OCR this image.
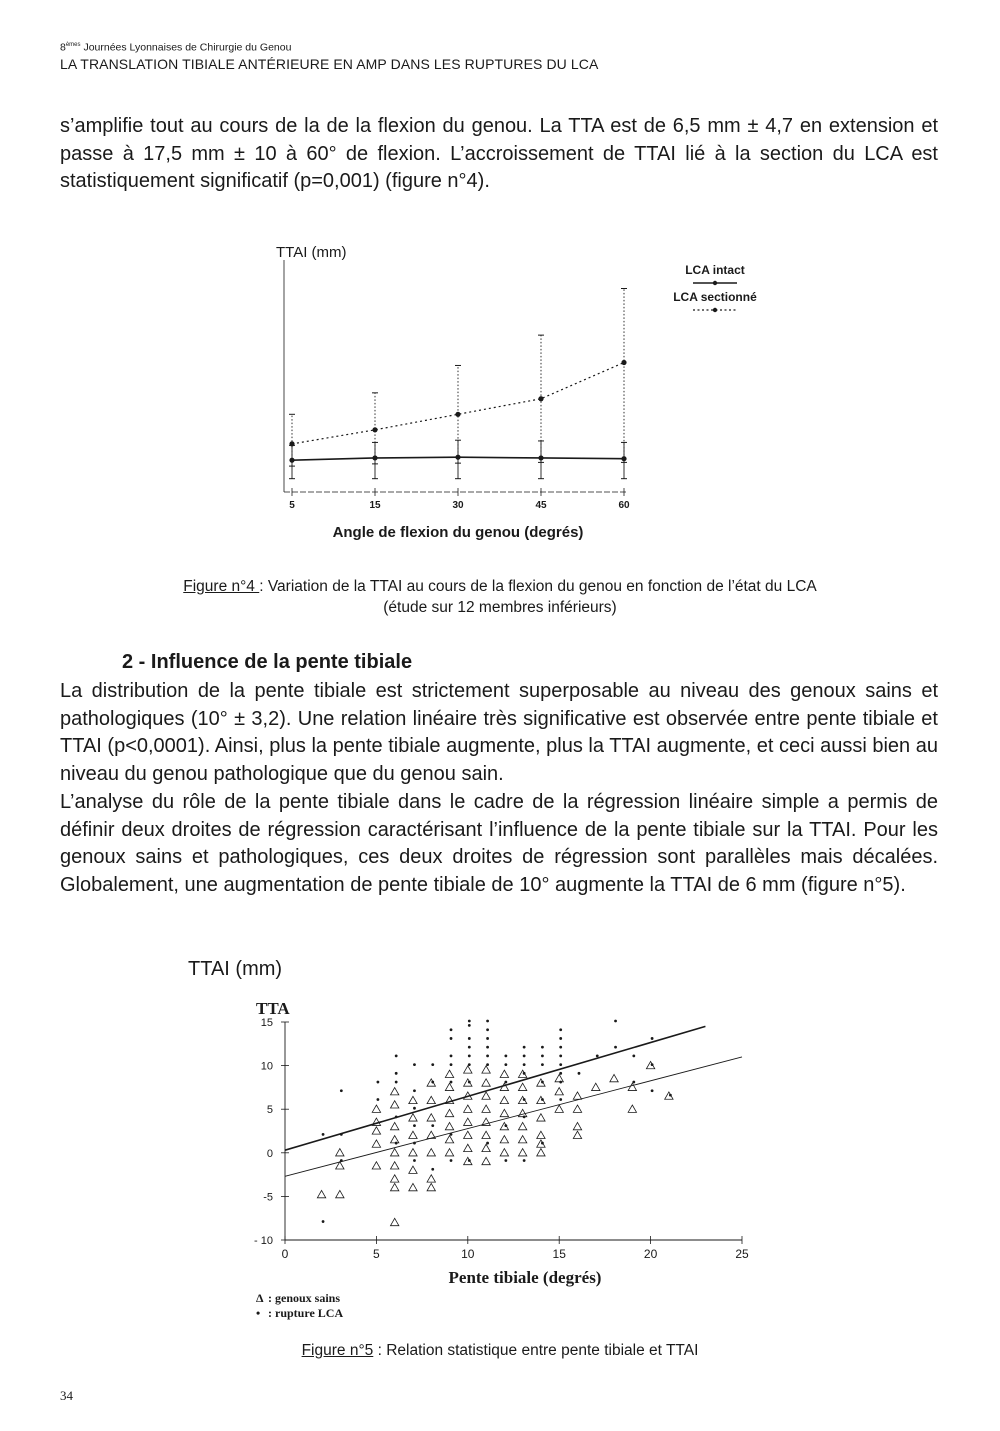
8èmes Journées Lyonnaises de Chirurgie du Genou
LA TRANSLATION TIBIALE ANTÉRIEURE EN AMP DANS LES RUPTURES DU LCA

s’amplifie tout au cours de la de la flexion du genou. La TTA est de 6,5 mm ± 4,7 en extension et passe à 17,5 mm ± 10 à 60° de flexion. L’accroissement de TTAI lié à la section du LCA est statistiquement significatif (p=0,001) (figure n°4).

TTAI (mm)
Angle de flexion du genou (degrés)
5	15	30	45	60
LCA intact
LCA sectionné
Figure n°4 : Variation de la TTAI au cours de la flexion du genou en fonction de l’état du LCA
(étude sur 12 membres inférieurs)
2 - Influence de la pente tibiale

La distribution de la pente tibiale est strictement superposable au niveau des genoux sains et pathologiques (10° ± 3,2). Une relation linéaire très significative est observée entre pente tibiale et TTAI (p<0,0001). Ainsi, plus la pente tibiale augmente, plus la TTAI augmente, et ceci aussi bien au niveau du genou pathologique que du genou sain.

L’analyse du rôle de la pente tibiale dans le cadre de la régression linéaire simple a permis de définir deux droites de régression caractérisant l’influence de la pente tibiale sur la TTAI. Pour les genoux sains et pathologiques, ces deux droites de régression sont parallèles mais décalées. Globalement, une augmentation de pente tibiale de 10° augmente la TTAI de 6 mm (figure n°5).

TTAI (mm)
TTA
- 10
-5
0
5
10
15
0	5	10	15	20	25
Pente tibiale (degrés)
Δ : genoux sains
• : rupture LCA
Figure n°5 : Relation statistique entre pente tibiale et TTAI
34
